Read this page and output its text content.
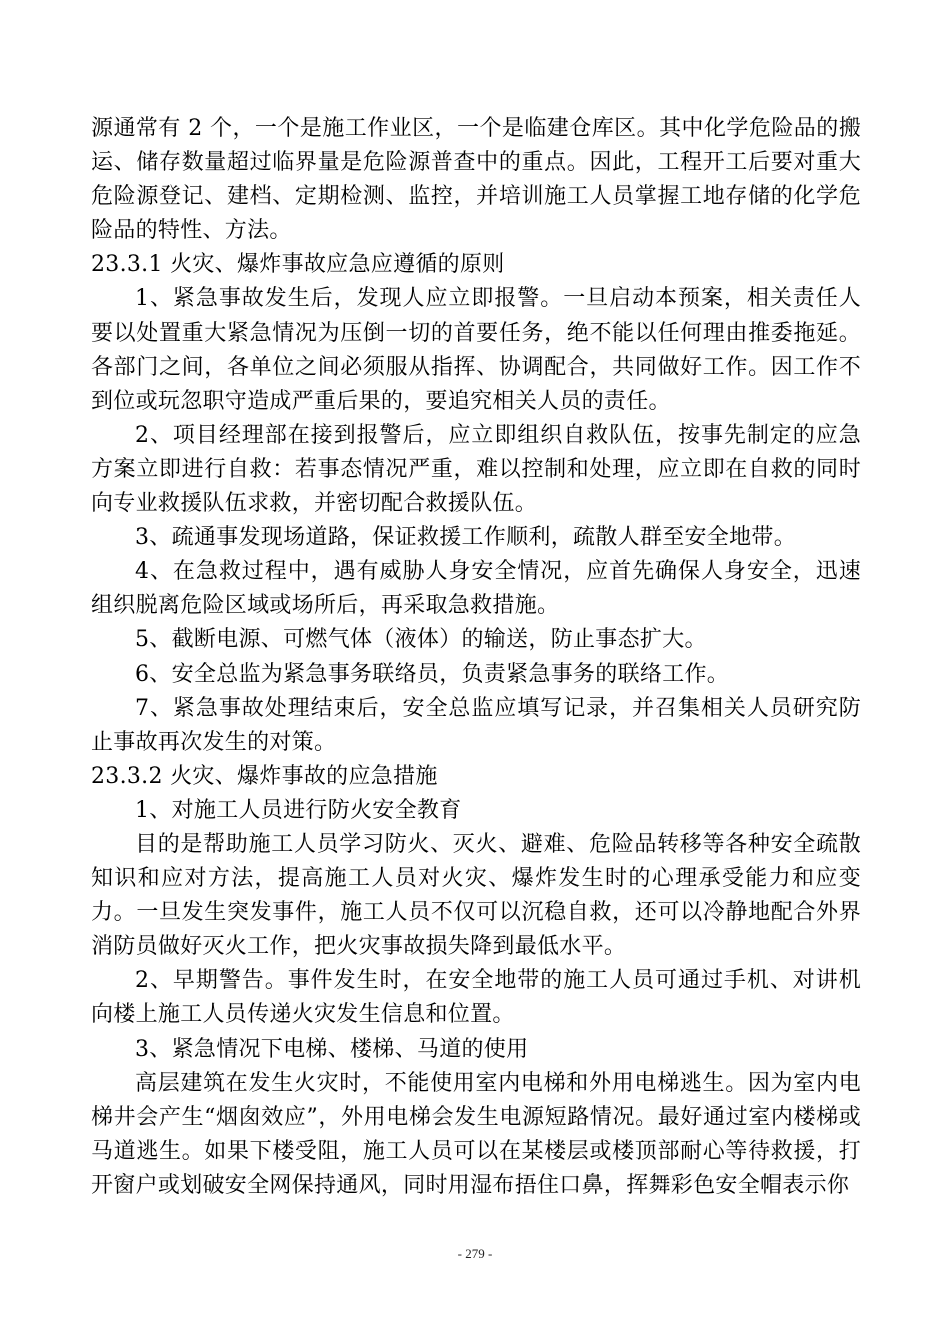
源通常有 2 个，一个是施工作业区，一个是临建仓库区。其中化学危险品的搬运、储存数量超过临界量是危险源普查中的重点。因此，工程开工后要对重大危险源登记、建档、定期检测、监控，并培训施工人员掌握工地存储的化学危险品的特性、方法。

23.3.1 火灾、爆炸事故应急应遵循的原则

1、紧急事故发生后，发现人应立即报警。一旦启动本预案，相关责任人要以处置重大紧急情况为压倒一切的首要任务，绝不能以任何理由推委拖延。各部门之间，各单位之间必须服从指挥、协调配合，共同做好工作。因工作不到位或玩忽职守造成严重后果的，要追究相关人员的责任。

2、项目经理部在接到报警后，应立即组织自救队伍，按事先制定的应急方案立即进行自救：若事态情况严重，难以控制和处理，应立即在自救的同时向专业救援队伍求救，并密切配合救援队伍。

3、疏通事发现场道路，保证救援工作顺利，疏散人群至安全地带。

4、在急救过程中，遇有威胁人身安全情况，应首先确保人身安全，迅速组织脱离危险区域或场所后，再采取急救措施。

5、截断电源、可燃气体（液体）的输送，防止事态扩大。

6、安全总监为紧急事务联络员，负责紧急事务的联络工作。

7、紧急事故处理结束后，安全总监应填写记录，并召集相关人员研究防止事故再次发生的对策。

23.3.2 火灾、爆炸事故的应急措施

1、对施工人员进行防火安全教育

目的是帮助施工人员学习防火、灭火、避难、危险品转移等各种安全疏散知识和应对方法，提高施工人员对火灾、爆炸发生时的心理承受能力和应变力。一旦发生突发事件，施工人员不仅可以沉稳自救，还可以冷静地配合外界消防员做好灭火工作，把火灾事故损失降到最低水平。

2、早期警告。事件发生时，在安全地带的施工人员可通过手机、对讲机向楼上施工人员传递火灾发生信息和位置。

3、紧急情况下电梯、楼梯、马道的使用

高层建筑在发生火灾时，不能使用室内电梯和外用电梯逃生。因为室内电梯井会产生“烟囱效应”，外用电梯会发生电源短路情况。最好通过室内楼梯或马道逃生。如果下楼受阻，施工人员可以在某楼层或楼顶部耐心等待救援，打开窗户或划破安全网保持通风，同时用湿布捂住口鼻，挥舞彩色安全帽表示你

- 279 -
